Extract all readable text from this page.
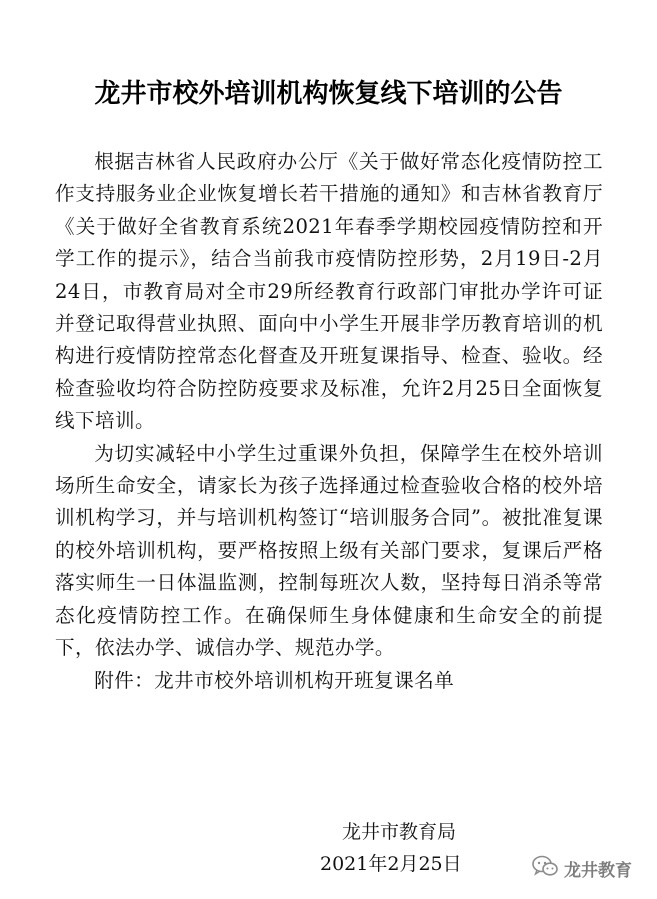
龙井市校外培训机构恢复线下培训的公告

根据吉林省人民政府办公厅《关于做好常态化疫情防控工作支持服务业企业恢复增长若干措施的通知》和吉林省教育厅《关于做好全省教育系统2021年春季学期校园疫情防控和开学工作的提示》，结合当前我市疫情防控形势，2月19日-2月24日，市教育局对全市29所经教育行政部门审批办学许可证并登记取得营业执照、面向中小学生开展非学历教育培训的机构进行疫情防控常态化督查及开班复课指导、检查、验收。经检查验收均符合防控防疫要求及标准，允许2月25日全面恢复线下培训。

为切实减轻中小学生过重课外负担，保障学生在校外培训场所生命安全，请家长为孩子选择通过检查验收合格的校外培训机构学习，并与培训机构签订“培训服务合同”。被批准复课的校外培训机构，要严格按照上级有关部门要求，复课后严格落实师生一日体温监测，控制每班次人数，坚持每日消杀等常态化疫情防控工作。在确保师生身体健康和生命安全的前提下，依法办学、诚信办学、规范办学。

附件：龙井市校外培训机构开班复课名单

龙井市教育局
2021年2月25日	龙井教育
